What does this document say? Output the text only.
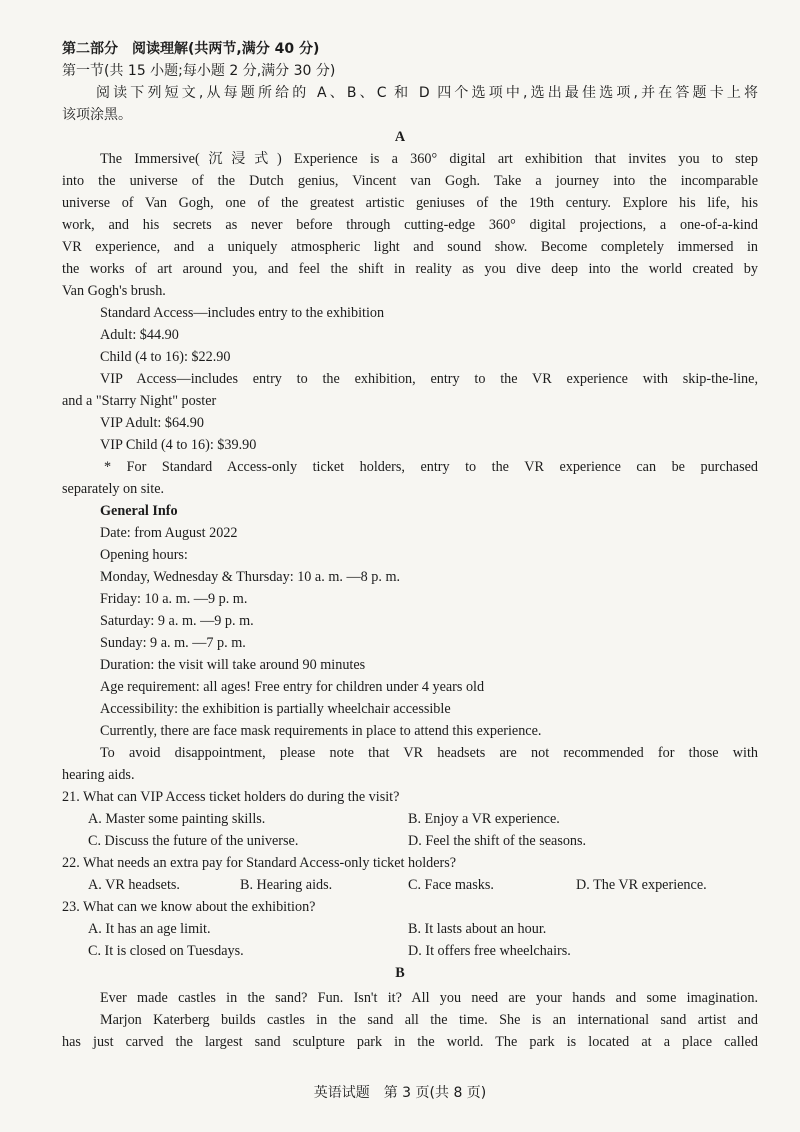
第二部分　阅读理解(共两节,满分 40 分)
第一节(共 15 小题;每小题 2 分,满分 30 分)
阅读下列短文,从每题所给的 A、B、C 和 D 四个选项中,选出最佳选项,并在答题卡上将
该项涂黑。
A
The Immersive(沉浸式) Experience is a 360° digital art exhibition that invites you to step
into the universe of the Dutch genius, Vincent van Gogh. Take a journey into the incomparable
universe of Van Gogh, one of the greatest artistic geniuses of the 19th century. Explore his life, his
work, and his secrets as never before through cutting-edge 360° digital projections, a one-of-a-kind
VR experience, and a uniquely atmospheric light and sound show. Become completely immersed in
the works of art around you, and feel the shift in reality as you dive deep into the world created by
Van Gogh's brush.
Standard Access—includes entry to the exhibition
Adult: $44.90
Child (4 to 16): $22.90
VIP Access—includes entry to the exhibition, entry to the VR experience with skip-the-line,
and a "Starry Night" poster
VIP Adult: $64.90
VIP Child (4 to 16): $39.90
* For Standard Access-only ticket holders, entry to the VR experience can be purchased
separately on site.
General Info
Date: from August 2022
Opening hours:
Monday, Wednesday & Thursday: 10 a. m. —8 p. m.
Friday: 10 a. m. —9 p. m.
Saturday: 9 a. m. —9 p. m.
Sunday: 9 a. m. —7 p. m.
Duration: the visit will take around 90 minutes
Age requirement: all ages! Free entry for children under 4 years old
Accessibility: the exhibition is partially wheelchair accessible
Currently, there are face mask requirements in place to attend this experience.
To avoid disappointment, please note that VR headsets are not recommended for those with
hearing aids.
21. What can VIP Access ticket holders do during the visit?
A. Master some painting skills.	B. Enjoy a VR experience.
C. Discuss the future of the universe.	D. Feel the shift of the seasons.
22. What needs an extra pay for Standard Access-only ticket holders?
A. VR headsets.	B. Hearing aids.	C. Face masks.	D. The VR experience.
23. What can we know about the exhibition?
A. It has an age limit.	B. It lasts about an hour.
C. It is closed on Tuesdays.	D. It offers free wheelchairs.
B
Ever made castles in the sand? Fun. Isn't it? All you need are your hands and some imagination.
Marjon Katerberg builds castles in the sand all the time. She is an international sand artist and
has just carved the largest sand sculpture park in the world. The park is located at a place called
英语试题　第 3 页(共 8 页)
